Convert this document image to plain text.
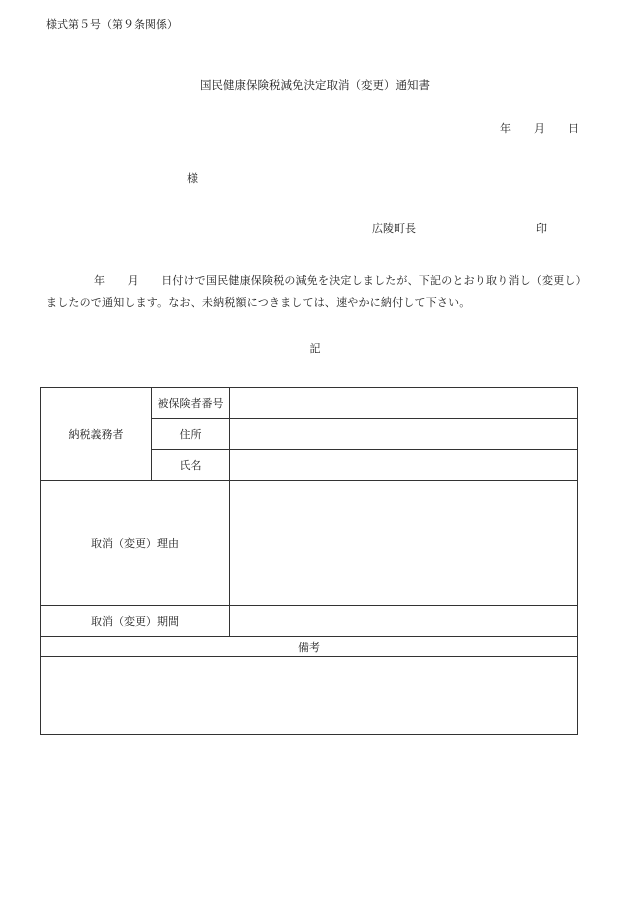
様式第５号（第９条関係）
国民健康保険税減免決定取消（変更）通知書
年 月 日
様
広陵町長	印
年　　月　　日付けで国民健康保険税の減免を決定しましたが、下記のとおり取り消し（変更し）ましたので通知します。なお、未納税額につきましては、速やかに納付して下さい。
記
納税義務者	被保険者番号	
	住所	
	氏名	
取消（変更）理由		
取消（変更）期間		
備考		
